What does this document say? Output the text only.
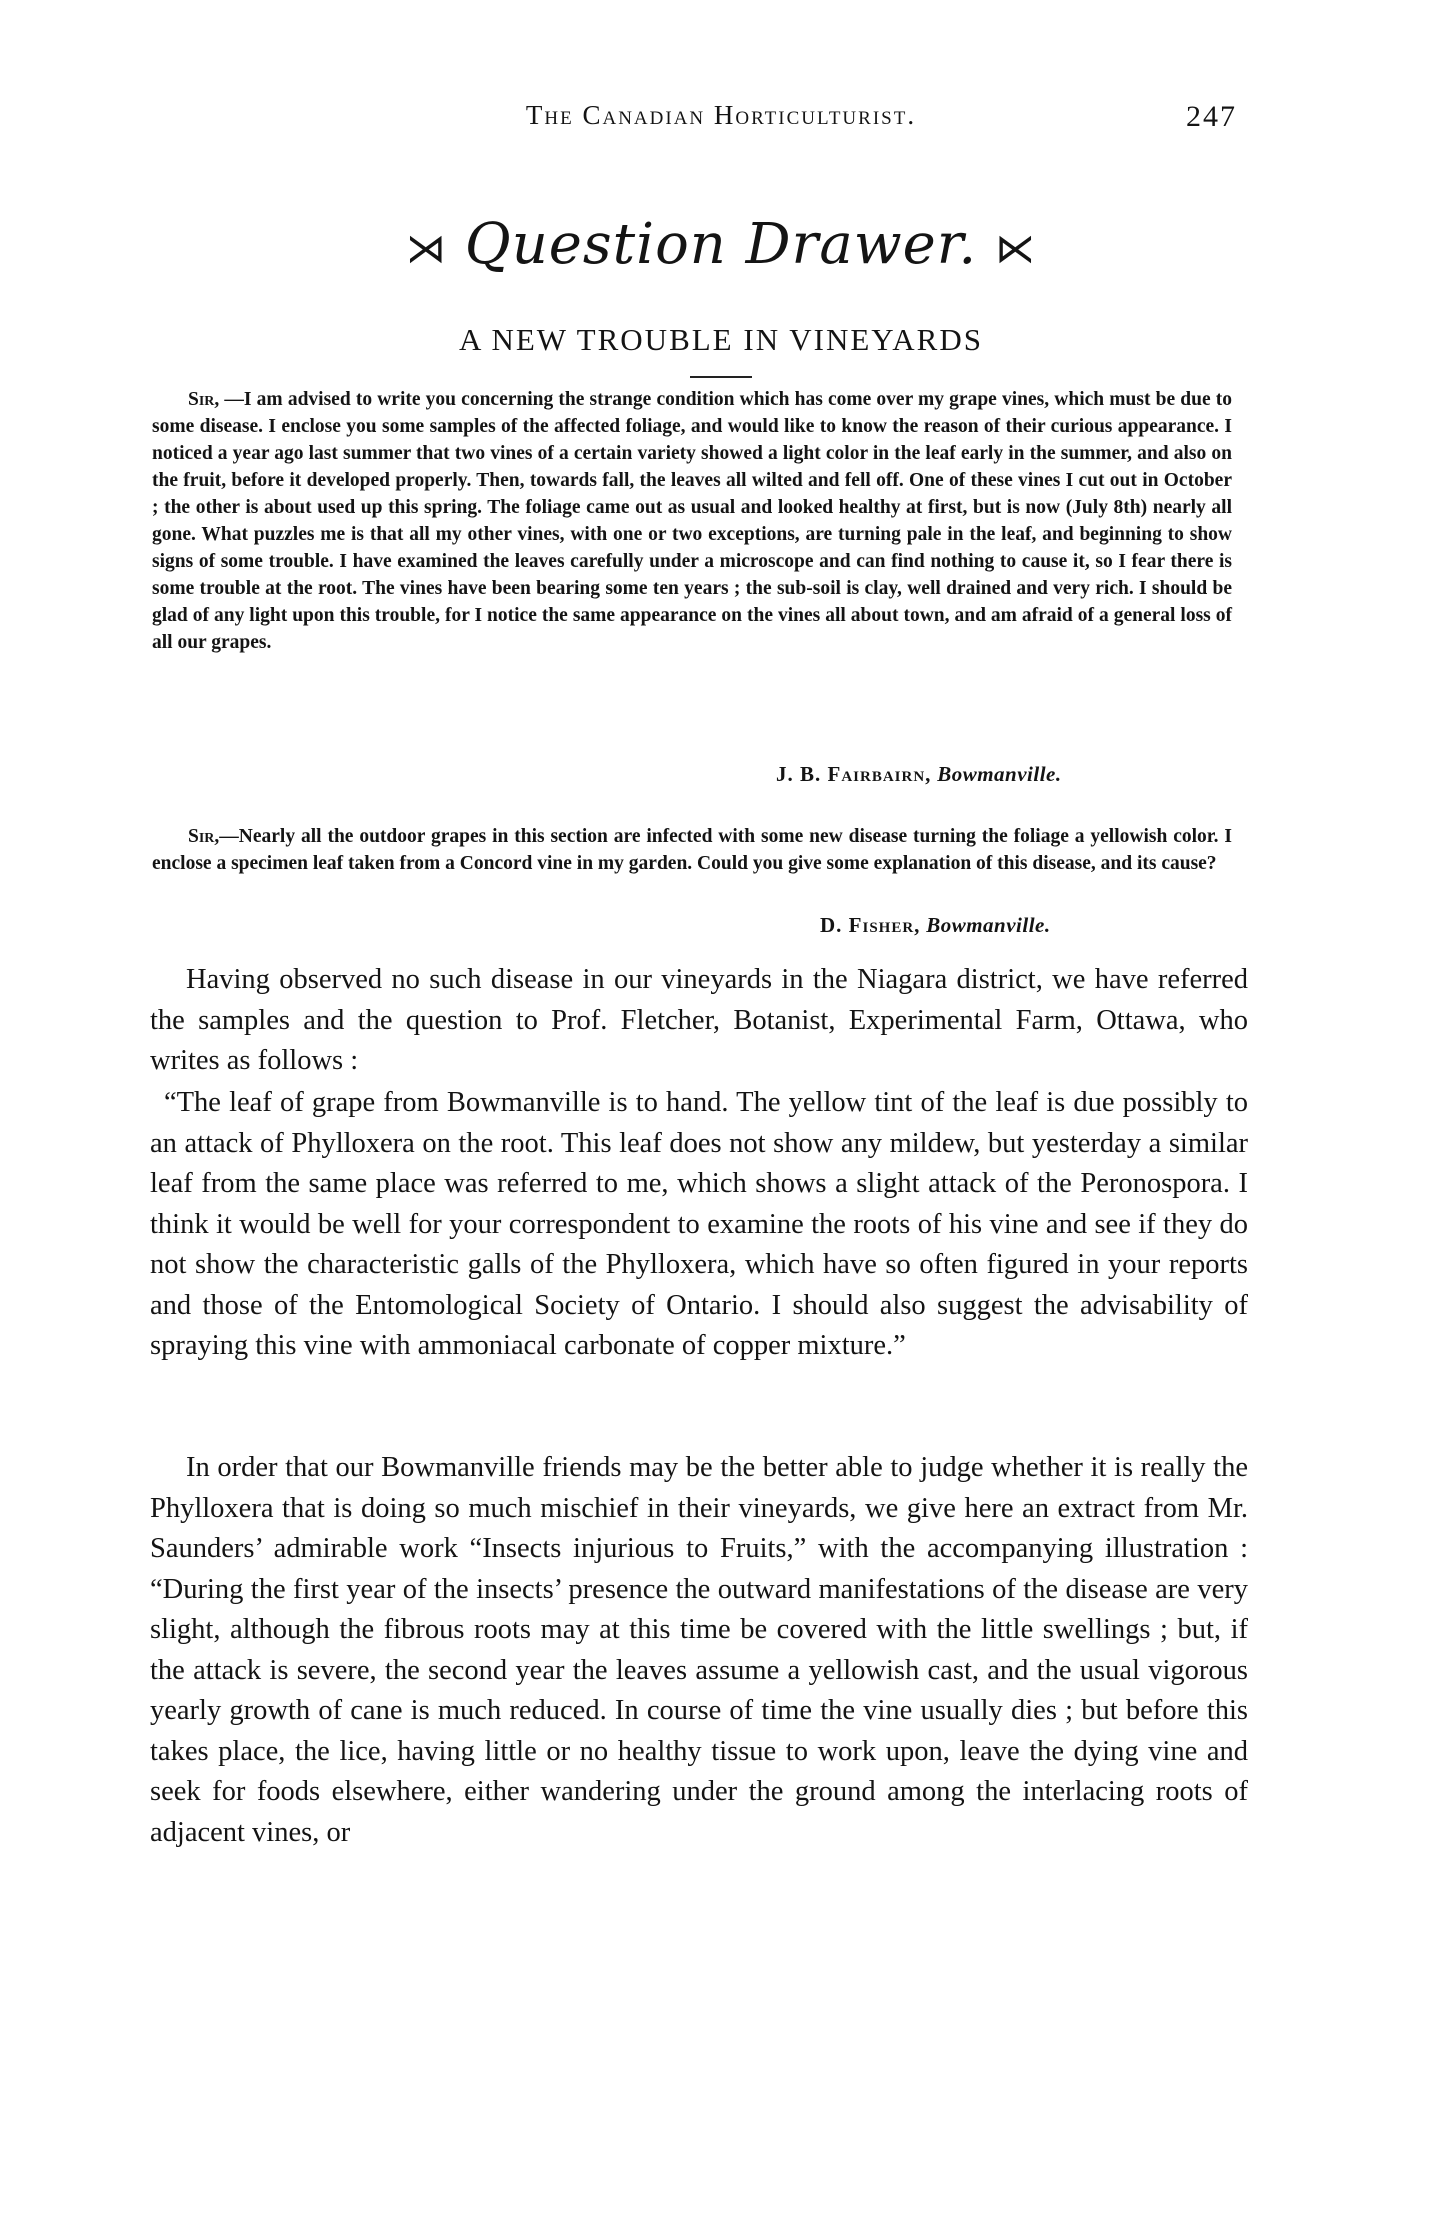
The Canadian Horticulturist.	247
⋊ Question Drawer. ⋉
A NEW TROUBLE IN VINEYARDS

Sir, —I am advised to write you concerning the strange condition which has come over my grape vines, which must be due to some disease. I enclose you some samples of the affected foliage, and would like to know the reason of their curious appearance. I noticed a year ago last summer that two vines of a certain variety showed a light color in the leaf early in the summer, and also on the fruit, before it developed properly. Then, towards fall, the leaves all wilted and fell off. One of these vines I cut out in October ; the other is about used up this spring. The foliage came out as usual and looked healthy at first, but is now (July 8th) nearly all gone. What puzzles me is that all my other vines, with one or two exceptions, are turning pale in the leaf, and beginning to show signs of some trouble. I have examined the leaves carefully under a microscope and can find nothing to cause it, so I fear there is some trouble at the root. The vines have been bearing some ten years ; the sub-soil is clay, well drained and very rich. I should be glad of any light upon this trouble, for I notice the same appearance on the vines all about town, and am afraid of a general loss of all our grapes.

J. B. Fairbairn, Bowmanville.

Sir,—Nearly all the outdoor grapes in this section are infected with some new disease turning the foliage a yellowish color. I enclose a specimen leaf taken from a Concord vine in my garden. Could you give some explanation of this disease, and its cause?

D. Fisher, Bowmanville.

Having observed no such disease in our vineyards in the Niagara district, we have referred the samples and the question to Prof. Fletcher, Botanist, Experimental Farm, Ottawa, who writes as follows :

“The leaf of grape from Bowmanville is to hand. The yellow tint of the leaf is due possibly to an attack of Phylloxera on the root. This leaf does not show any mildew, but yesterday a similar leaf from the same place was referred to me, which shows a slight attack of the Peronospora. I think it would be well for your correspondent to examine the roots of his vine and see if they do not show the characteristic galls of the Phylloxera, which have so often figured in your reports and those of the Entomological Society of Ontario. I should also suggest the advisability of spraying this vine with ammoniacal carbonate of copper mixture.”

In order that our Bowmanville friends may be the better able to judge whether it is really the Phylloxera that is doing so much mischief in their vineyards, we give here an extract from Mr. Saunders’ admirable work “Insects injurious to Fruits,” with the accompanying illustration : “During the first year of the insects’ presence the outward manifestations of the disease are very slight, although the fibrous roots may at this time be covered with the little swellings ; but, if the attack is severe, the second year the leaves assume a yellowish cast, and the usual vigorous yearly growth of cane is much reduced. In course of time the vine usually dies ; but before this takes place, the lice, having little or no healthy tissue to work upon, leave the dying vine and seek for foods elsewhere, either wandering under the ground among the interlacing roots of adjacent vines, or
